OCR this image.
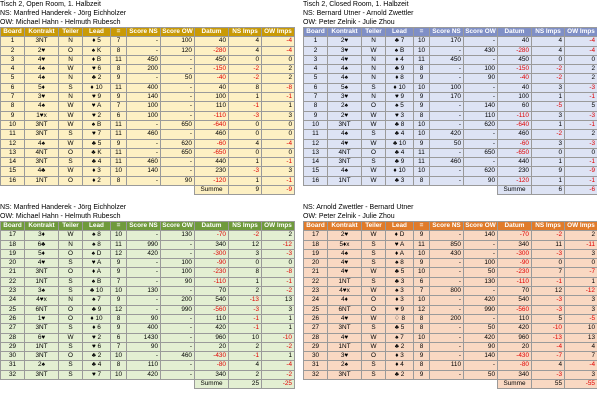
Tisch 2, Open Room, 1. Halbzeit
NS: Manfred Handerek - Jörg Eichholzer
OW: Michael Hahn - Helmuth Rubesch
Board	Kontrakt	Teiler	Lead	=	Score NS	Score OW	Datum	NS Imps	OW Imps
1	3NT	N	♦ 5	7	-	100	40	4	-4
2	2♥	O	♠ K	8	-	120	-280	4	-4
3	4♥	N	♦ B	11	450	-	450	0	0
4	4♠	W	♥ 6	8	200	-	-150	-2	2
5	4♠	N	♣ 2	9	-	50	-40	-2	2
6	5♦	S	♦ 10	11	400	-	40	8	-8
7	3♥	N	♥ 9	9	140	-	100	1	-1
8	4♠	W	♥ A	7	100	-	110	-1	1
9	1♥x	W	♥ 2	6	100	-	-110	-3	3
10	3NT	W	♠ B	11	-	650	-640	0	0
11	3NT	S	♥ 7	11	460	-	460	0	0
12	4♠	W	♣ 5	9	-	620	-60	4	-4
13	4NT	O	♣ K	11	-	650	-650	0	0
14	3NT	S	♣ 4	11	460	-	440	1	-1
15	4♣	W	♦ 3	10	140	-	230	-3	3
16	1NT	O	♦ 2	8	-	90	-120	1	-1
							Summe	9	-9
Tisch 2, Closed Room, 1. Halbzeit
NS: Bernard Utner - Arnold Zwettler
OW: Peter Zelnik - Julie Zhou
Board	Kontrakt	Teiler	Lead	=	Score NS	Score OW	Datum	NS Imps	OW Imps
1	2♥	N	♣ 7	10	170	-	40	4	-4
2	3♥	W	♠ B	10	-	430	-280	4	-4
3	4♥	N	♦ 4	11	450	-	450	0	0
4	4♠	N	♣ 9	8	-	100	-150	-2	2
5	4♠	N	♦ 8	9	-	90	-40	-2	2
6	5♠	S	♦ 10	10	100	-	40	3	-3
7	3♥	N	♥ 9	9	170	-	100	1	-1
8	2♠	O	♠ 5	9	-	140	60	-5	5
9	2♥	W	♥ 3	8	-	110	-110	3	-3
10	3NT	W	♣ 8	10	-	620	-640	1	-1
11	4♠	S	♣ 4	10	420	-	460	-2	2
12	4♥	W	♣ 10	9	50	-	-60	3	-3
13	4NT	O	♣ 4	11	-	650	-650	0	0
14	3NT	S	♣ 9	11	460	-	440	1	-1
15	4♠	W	♦ 10	10	-	620	230	9	-9
16	1NT	W	♣ 3	8	-	90	-120	1	-1
							Summe	6	-6
NS: Manfred Handerek - Jörg Eichholzer
OW: Michael Hahn - Helmuth Rubesch
Board	Kontrakt	Teiler	Lead	=	Score NS	Score OW	Datum	NS Imps	OW Imps
17	3♦	W	♠ 8	10	-	130	-70	-2	2
18	6♣	N	♠ 8	11	990	-	340	12	-12
19	5♦	O	♠ D	12	420	-	-300	3	-3
20	4♥	S	♥ A	9	-	100	-90	0	0
21	3NT	O	♦ A	9	-	100	-230	8	-8
22	1NT	S	♠ B	7	-	90	-110	1	-1
23	3♠	S	♣ 10	10	130	-	70	2	-2
24	4♥x	N	♠ 7	9	-	200	540	-13	13
25	6NT	O	♣ 9	12	-	990	-560	-3	3
26	1♥	O	♦ 10	8	90	-	110	-1	1
27	3NT	S	♦ 6	9	400	-	420	-1	1
28	6♥	W	♥ 2	6	1430	-	960	10	-10
29	1NT	S	♥ 6	7	90	-	20	2	-2
30	3NT	O	♣ 2	10	-	460	-430	-1	1
31	2♠	S	♣ 4	8	110	-	-80	4	-4
32	3NT	S	♥ 7	10	420	-	340	2	-2
							Summe	25	-25
NS: Arnold Zwettler - Bernard Utner
OW: Peter Zelnik - Julie Zhou
Board	Kontrakt	Teiler	Lead	=	Score NS	Score OW	Datum	NS Imps	OW Imps
17	2♥	W	♦ D	9	-	140	-70	-2	2
18	5♦x	S	♥ A	11	850	-	340	11	-11
19	4♠	S	♦ A	10	430	-	-300	-3	3
20	4♥	S	♠ 8	9	-	100	-90	0	0
21	4♥	W	♣ 5	10	-	50	-230	7	-7
22	1NT	S	♣ 3	6	-	130	-110	-1	1
23	4♥x	W	♠ 3	7	800	-	70	12	-12
24	4♦	O	♦ 3	10	-	420	540	-3	3
25	6NT	O	♥ 9	12	-	990	-560	-3	3
26	4♥	W	♢ 8	8	200	-	110	5	-5
27	3NT	S	♣ 5	8	-	50	420	-10	10
28	4♥	W	♠ 7	10	-	420	960	-13	13
29	1NT	W	♣ 2	8	-	90	20	-4	4
30	3♥	O	♦ 3	9	-	140	-430	-7	7
31	2♠	S	♦ 4	8	110	-	-80	4	-4
32	3NT	S	♣ 2	9	-	50	340	-3	3
							Summe	55	-55
